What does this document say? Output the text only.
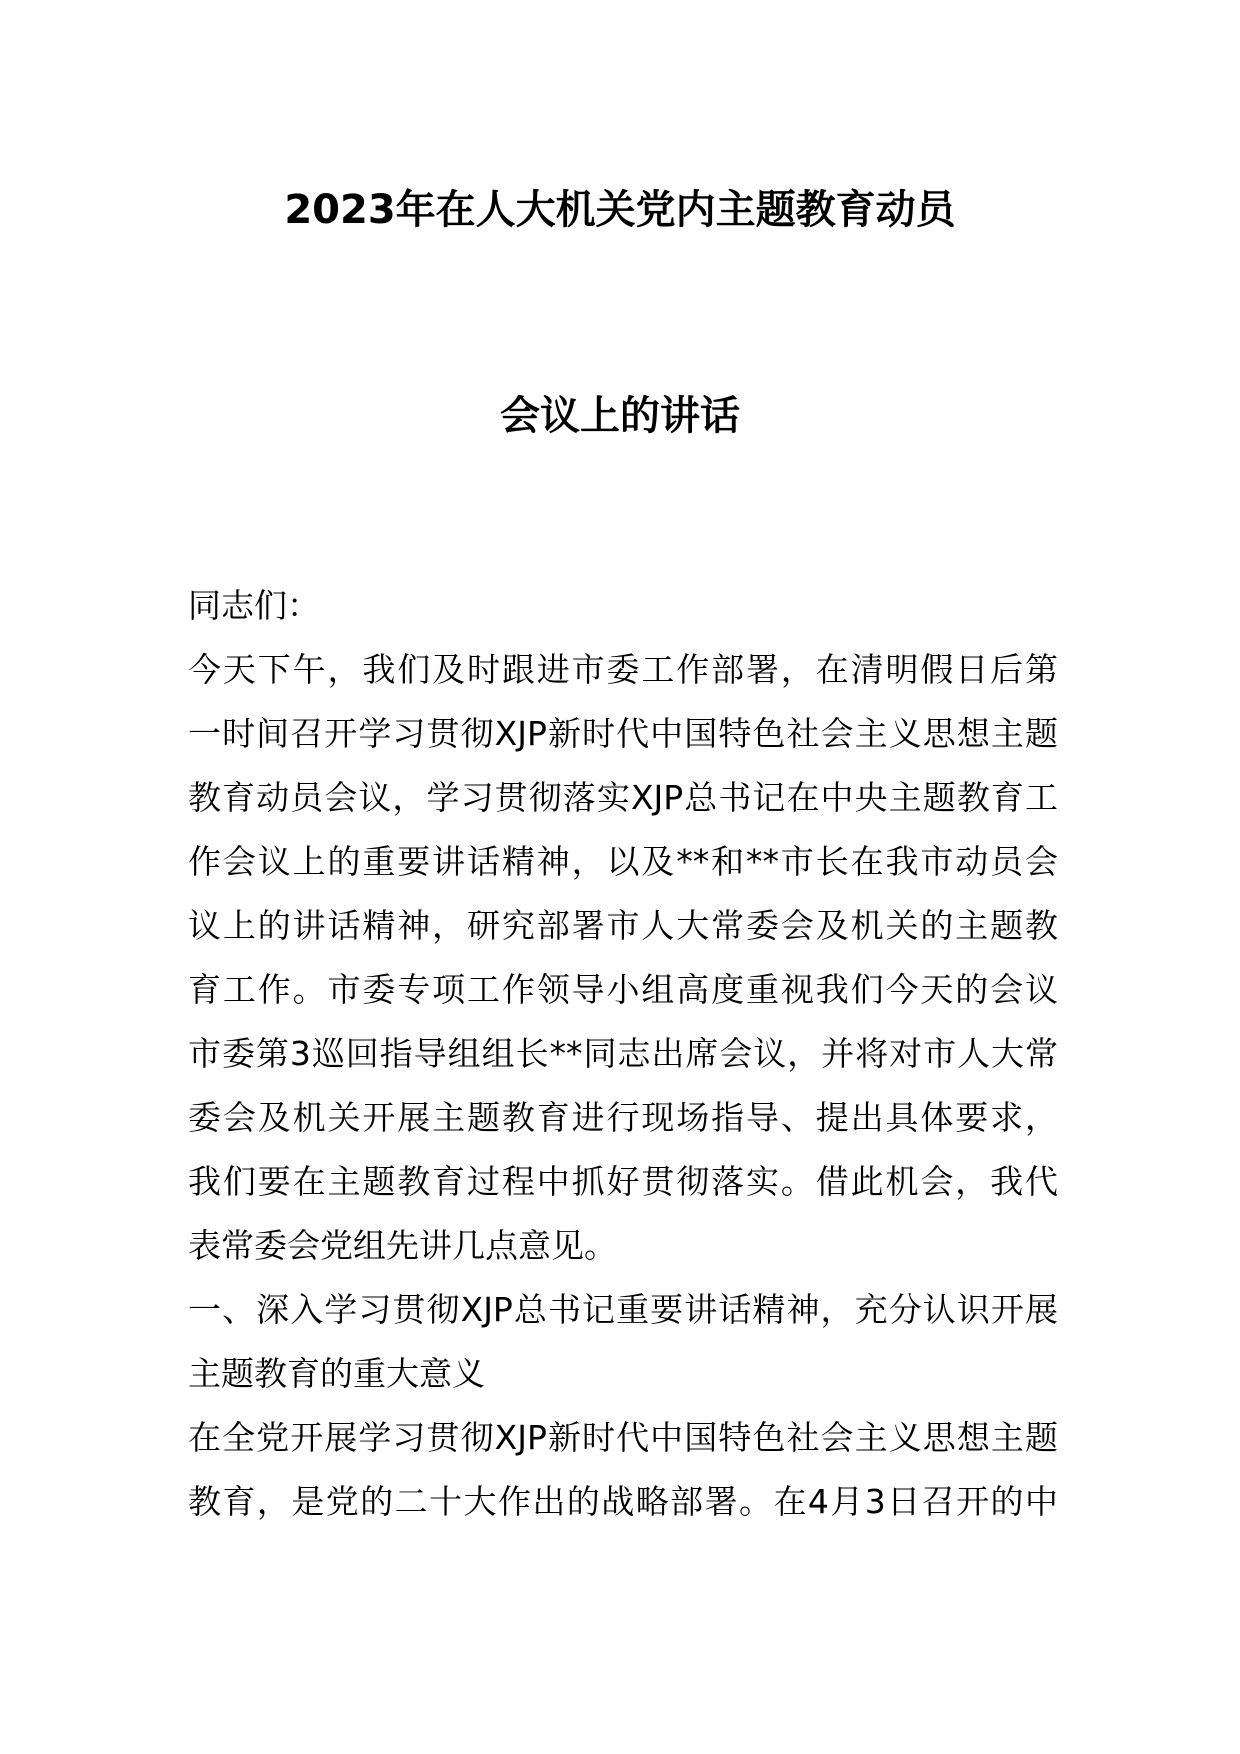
2023年在人大机关党内主题教育动员
会议上的讲话
同志们：
今天下午，我们及时跟进市委工作部署，在清明假日后第
一时间召开学习贯彻XJP新时代中国特色社会主义思想主题
教育动员会议，学习贯彻落实XJP总书记在中央主题教育工
作会议上的重要讲话精神，以及**和**市长在我市动员会
议上的讲话精神，研究部署市人大常委会及机关的主题教
育工作。市委专项工作领导小组高度重视我们今天的会议
市委第3巡回指导组组长**同志出席会议，并将对市人大常
委会及机关开展主题教育进行现场指导、提出具体要求，
我们要在主题教育过程中抓好贯彻落实。借此机会，我代
表常委会党组先讲几点意见。
一、深入学习贯彻XJP总书记重要讲话精神，充分认识开展
主题教育的重大意义
在全党开展学习贯彻XJP新时代中国特色社会主义思想主题
教育，是党的二十大作出的战略部署。在4月3日召开的中
